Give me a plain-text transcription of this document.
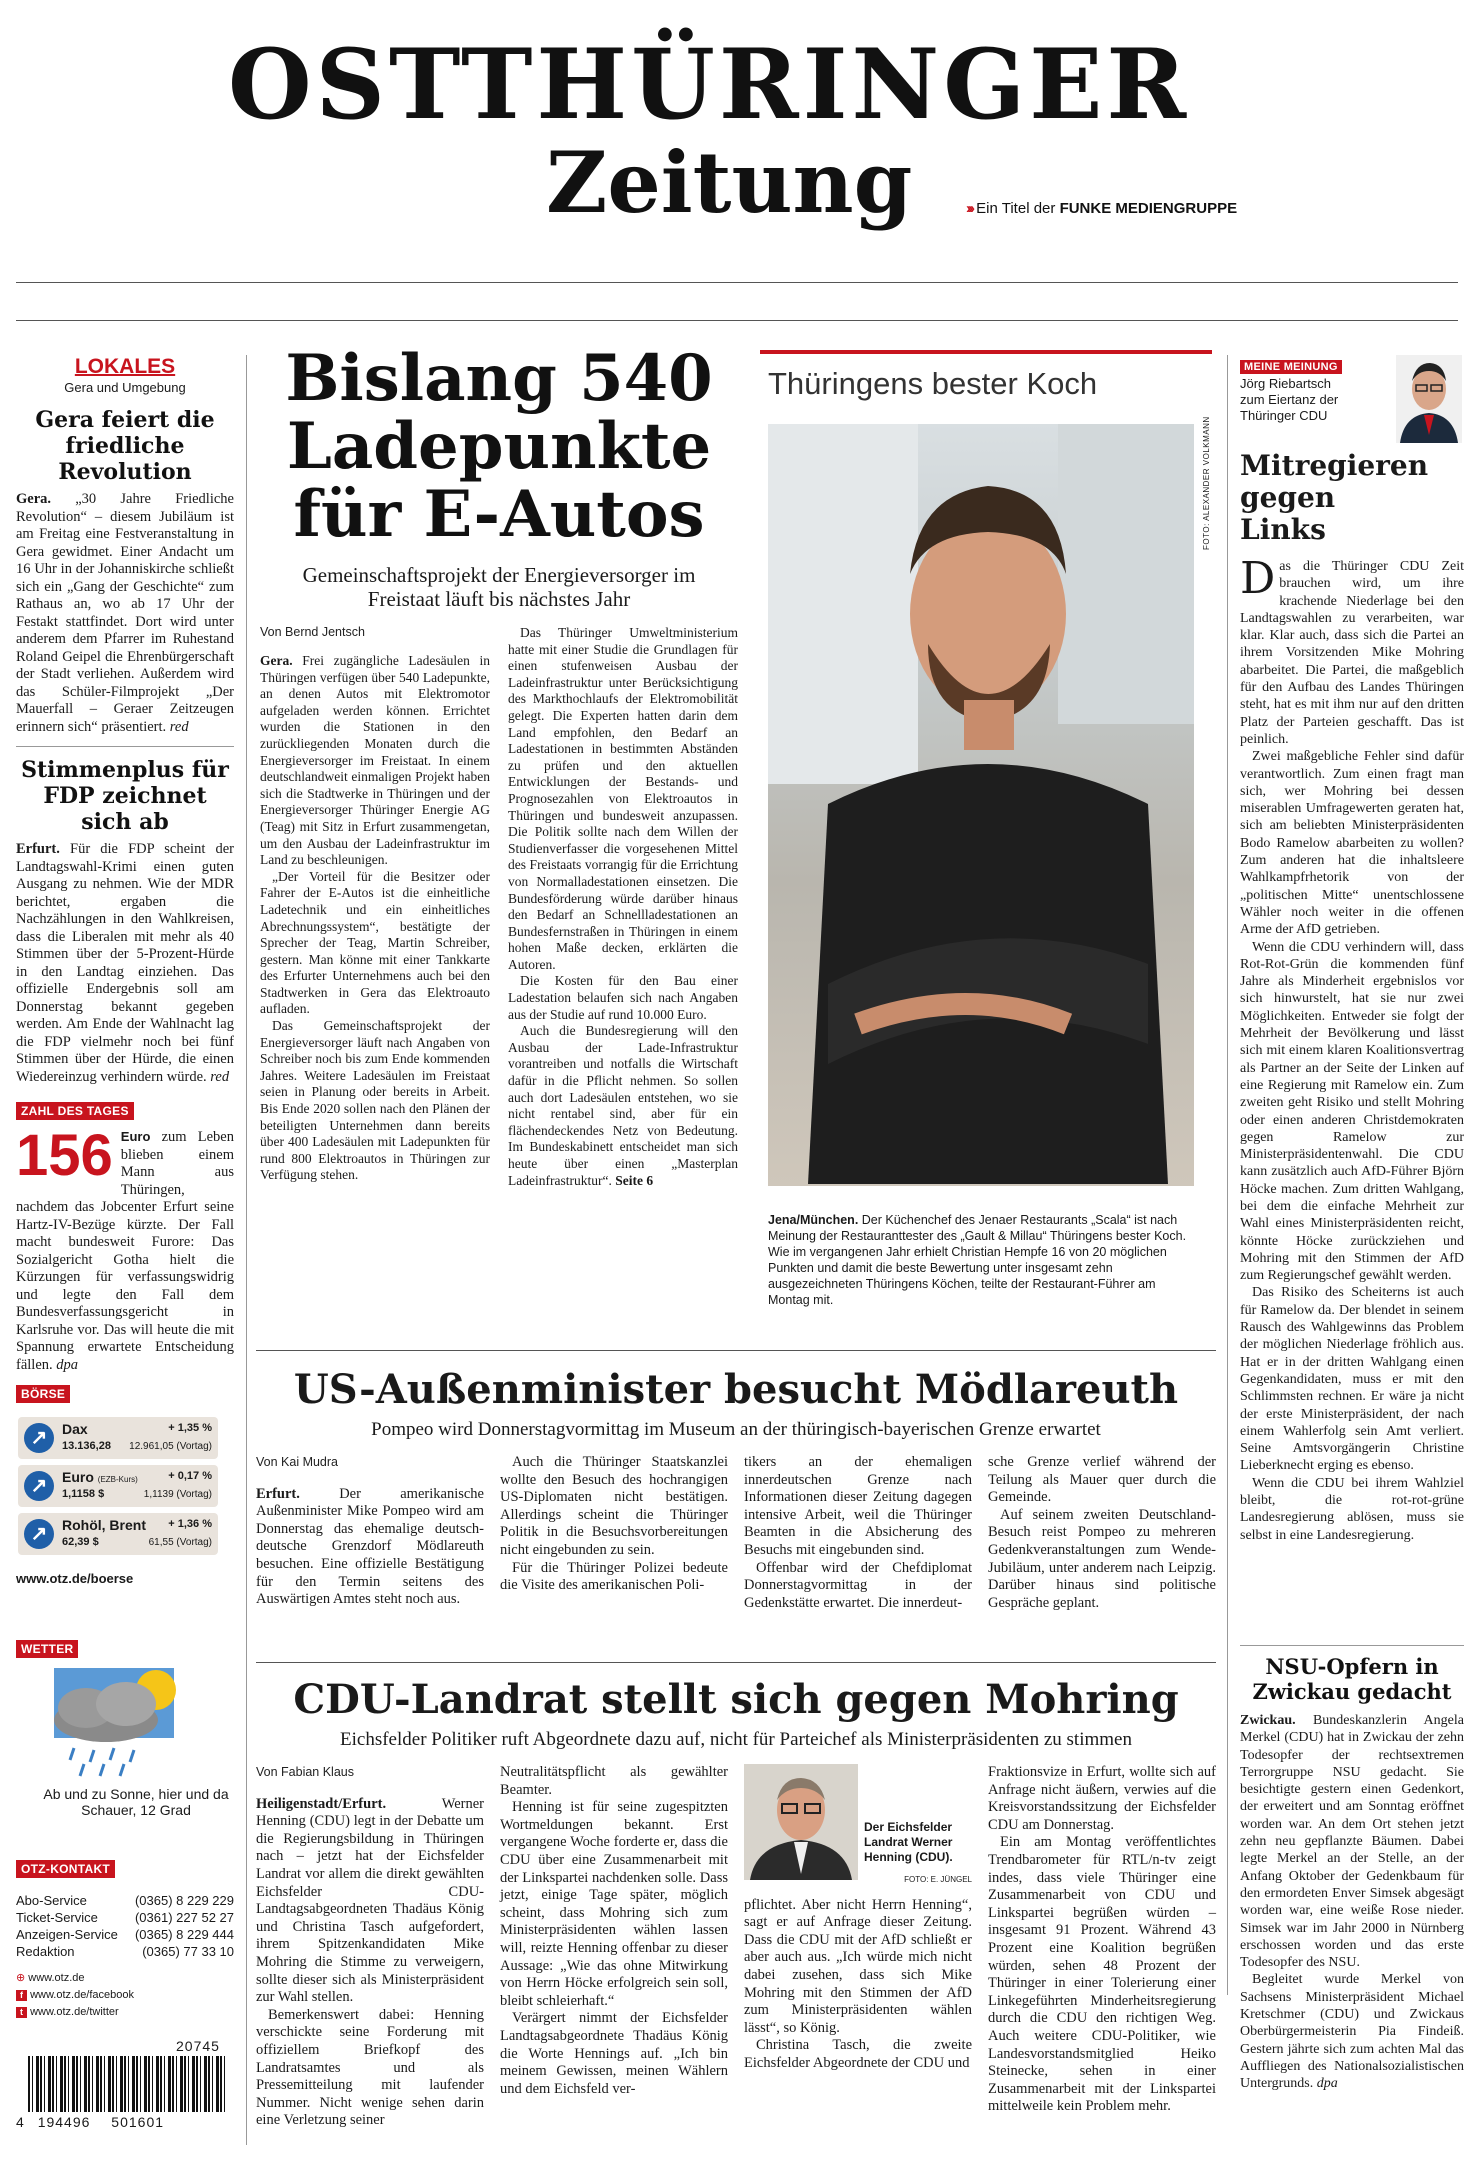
OSTTHÜRINGER
Zeitung	››› Ein Titel der FUNKE MEDIENGRUPPE
LOKALES
Gera und Umgebung
Gera feiert die friedliche Revolution
Gera. „30 Jahre Friedliche Revolution“ – diesem Jubiläum ist am Freitag eine Festveranstaltung in Gera gewidmet. Einer Andacht um 16 Uhr in der Johanniskirche schließt sich ein „Gang der Geschichte“ zum Rathaus an, wo ab 17 Uhr der Festakt stattfindet. Dort wird unter anderem dem Pfarrer im Ruhestand Roland Geipel die Ehrenbürgerschaft der Stadt verliehen. Außerdem wird das Schüler-Filmprojekt „Der Mauerfall – Geraer Zeitzeugen erinnern sich“ präsentiert. red
Stimmenplus für FDP zeichnet sich ab
Erfurt. Für die FDP scheint der Landtagswahl-Krimi einen guten Ausgang zu nehmen. Wie der MDR berichtet, ergaben die Nachzählungen in den Wahlkreisen, dass die Liberalen mit mehr als 40 Stimmen über der 5-Prozent-Hürde in den Landtag einziehen. Das offizielle Endergebnis soll am Donnerstag bekannt gegeben werden. Am Ende der Wahlnacht lag die FDP vielmehr noch bei fünf Stimmen über der Hürde, die einen Wiedereinzug verhindern würde. red
ZAHL DES TAGES
156 Euro zum Leben blieben einem Mann aus Thüringen, nachdem das Jobcenter Erfurt seine Hartz-IV-Bezüge kürzte. Der Fall macht bundesweit Furore: Das Sozialgericht Gotha hielt die Kürzungen für verfassungswidrig und legte den Fall dem Bundesverfassungsgericht in Karlsruhe vor. Das will heute die mit Spannung erwartete Entscheidung fällen. dpa
BÖRSE
↗	Dax	+ 1,35 %
13.136,28 12.961,05 (Vortag)
↗	Euro (EZB-Kurs)	+ 0,17 %
1,1158 $	1,1139 (Vortag)
↗	Rohöl, Brent + 1,36 %
62,39 $	61,55 (Vortag)
www.otz.de/boerse
WETTER
Ab und zu Sonne, hier und da Schauer, 12 Grad
OTZ-KONTAKT
Abo-Service	(0365) 8 229 229
Ticket-Service	(0361) 227 52 27
Anzeigen-Service (0365) 8 229 444
Redaktion	(0365) 77 33 10
⊕ www.otz.de
f www.otz.de/facebook
t www.otz.de/twitter
20745
4 194496 501601
Bislang 540
Ladepunkte
für E-Autos
Gemeinschaftsprojekt der Energieversorger im Freistaat läuft bis nächstes Jahr
Von Bernd Jentsch
Gera. Frei zugängliche Ladesäulen in Thüringen verfügen über 540 Ladepunkte, an denen Autos mit Elektromotor aufgeladen werden können. Errichtet wurden die Stationen in den zurückliegenden Monaten durch die Energieversorger im Freistaat. In einem deutschlandweit einmaligen Projekt haben sich die Stadtwerke in Thüringen und der Energieversorger Thüringer Energie AG (Teag) mit Sitz in Erfurt zusammengetan, um den Ausbau der Ladeinfrastruktur im Land zu beschleunigen.

„Der Vorteil für die Besitzer oder Fahrer der E-Autos ist die einheitliche Ladetechnik und ein einheitliches Abrechnungssystem“, bestätigte der Sprecher der Teag, Martin Schreiber, gestern. Man könne mit einer Tankkarte des Erfurter Unternehmens auch bei den Stadtwerken in Gera das Elektroauto aufladen.

Das Gemeinschaftsprojekt der Energieversorger läuft nach Angaben von Schreiber noch bis zum Ende kommenden Jahres. Weitere Ladesäulen im Freistaat seien in Planung oder bereits in Arbeit. Bis Ende 2020 sollen nach den Plänen der beteiligten Unternehmen dann bereits über 400 Ladesäulen mit Ladepunkten für rund 800 Elektroautos in Thüringen zur Verfügung stehen.

Das Thüringer Umweltministerium hatte mit einer Studie die Grundlagen für einen stufenweisen Ausbau der Ladeinfrastruktur unter Berücksichtigung des Markthochlaufs der Elektromobilität gelegt. Die Experten hatten darin dem Land empfohlen, den Bedarf an Ladestationen in bestimmten Abständen zu prüfen und den aktuellen Entwicklungen der Bestands- und Prognosezahlen von Elektroautos in Thüringen und bundesweit anzupassen. Die Politik sollte nach dem Willen der Studienverfasser die vorgesehenen Mittel des Freistaats vorrangig für die Errichtung von Normalladestationen einsetzen. Die Bundesförderung würde darüber hinaus den Bedarf an Schnellladestationen an Bundesfernstraßen in Thüringen in einem hohen Maße decken, erklärten die Autoren.

Die Kosten für den Bau einer Ladestation belaufen sich nach Angaben aus der Studie auf rund 10.000 Euro.

Auch die Bundesregierung will den Ausbau der Lade-Infrastruktur vorantreiben und notfalls die Wirtschaft dafür in die Pflicht nehmen. So sollen auch dort Ladesäulen entstehen, wo sie nicht rentabel sind, aber für ein flächendeckendes Netz von Bedeutung. Im Bundeskabinett entscheidet man sich heute über einen „Masterplan Ladeinfrastruktur“. Seite 6

Thüringens bester Koch
FOTO: ALEXANDER VOLKMANN
Jena/München. Der Küchenchef des Jenaer Restaurants „Scala“ ist nach Meinung der Restauranttester des „Gault & Millau“ Thüringens bester Koch. Wie im vergangenen Jahr erhielt Christian Hempfe 16 von 20 möglichen Punkten und damit die beste Bewertung unter insgesamt zehn ausgezeichneten Thüringens Köchen, teilte der Restaurant-Führer am Montag mit.
MEINE MEINUNG
Jörg Riebartsch
zum Eiertanz der Thüringer CDU
Mitregieren gegen Links
Das die Thüringer CDU Zeit brauchen wird, um ihre krachende Niederlage bei den Landtagswahlen zu verarbeiten, war klar. Klar auch, dass sich die Partei an ihrem Vorsitzenden Mike Mohring abarbeitet. Die Partei, die maßgeblich für den Aufbau des Landes Thüringen steht, hat es mit ihm nur auf den dritten Platz der Parteien geschafft. Das ist peinlich.

Zwei maßgebliche Fehler sind dafür verantwortlich. Zum einen fragt man sich, wer Mohring bei dessen miserablen Umfragewerten geraten hat, sich am beliebten Ministerpräsidenten Bodo Ramelow abarbeiten zu wollen? Zum anderen hat die inhaltsleere Wahlkampfrhetorik von der „politischen Mitte“ unentschlossene Wähler noch weiter in die offenen Arme der AfD getrieben.

Wenn die CDU verhindern will, dass Rot-Rot-Grün die kommenden fünf Jahre als Minderheit ergebnislos vor sich hinwurstelt, hat sie nur zwei Möglichkeiten. Entweder sie folgt der Mehrheit der Bevölkerung und lässt sich mit einem klaren Koalitionsvertrag als Partner an der Seite der Linken auf eine Regierung mit Ramelow ein. Zum zweiten geht Risiko und stellt Mohring oder einen anderen Christdemokraten gegen Ramelow zur Ministerpräsidentenwahl. Die CDU kann zusätzlich auch AfD-Führer Björn Höcke machen. Zum dritten Wahlgang, bei dem die einfache Mehrheit zur Wahl eines Ministerpräsidenten reicht, könnte Höcke zurückziehen und Mohring mit den Stimmen der AfD zum Regierungschef gewählt werden.

Das Risiko des Scheiterns ist auch für Ramelow da. Der blendet in seinem Rausch des Wahlgewinns das Problem der möglichen Niederlage fröhlich aus. Hat er in der dritten Wahlgang einen Gegenkandidaten, muss er mit den Schlimmsten rechnen. Er wäre ja nicht der erste Ministerpräsident, der nach einem Wahlerfolg sein Amt verliert. Seine Amtsvorgängerin Christine Lieberknecht erging es ebenso.

Wenn die CDU bei ihrem Wahlziel bleibt, die rot-rot-grüne Landesregierung ablösen, muss sie selbst in eine Landesregierung.

NSU-Opfern in Zwickau gedacht
Zwickau. Bundeskanzlerin Angela Merkel (CDU) hat in Zwickau der zehn Todesopfer der rechtsextremen Terrorgruppe NSU gedacht. Sie besichtigte gestern einen Gedenkort, der erweitert und am Sonntag eröffnet worden war. An dem Ort stehen jetzt zehn neu gepflanzte Bäumen. Dabei legte Merkel an der Stelle, an der Anfang Oktober der Gedenkbaum für den ermordeten Enver Simsek abgesägt worden war, eine weiße Rose nieder. Simsek war im Jahr 2000 in Nürnberg erschossen worden und das erste Todesopfer des NSU.

Begleitet wurde Merkel von Sachsens Ministerpräsident Michael Kretschmer (CDU) und Zwickaus Oberbürgermeisterin Pia Findeiß. Gestern jährte sich zum achten Mal das Auffliegen des Nationalsozialistischen Untergrunds. dpa

US-Außenminister besucht Mödlareuth
Pompeo wird Donnerstagvormittag im Museum an der thüringisch-bayerischen Grenze erwartet
Von Kai Mudra
Erfurt. Der amerikanische Außenminister Mike Pompeo wird am Donnerstag das ehemalige deutsch-deutsche Grenzdorf Mödlareuth besuchen. Eine offizielle Bestätigung für den Termin seitens des Auswärtigen Amtes steht noch aus.

Auch die Thüringer Staatskanzlei wollte den Besuch des hochrangigen US-Diplomaten nicht bestätigen. Allerdings scheint die Thüringer Politik in die Besuchsvorbereitungen nicht eingebunden zu sein.

Für die Thüringer Polizei bedeute die Visite des amerikanischen Poli-

tikers an der ehemaligen innerdeutschen Grenze nach Informationen dieser Zeitung dagegen intensive Arbeit, weil die Thüringer Beamten in die Absicherung des Besuchs mit eingebunden sind.

Offenbar wird der Chefdiplomat Donnerstagvormittag in der Gedenkstätte erwartet. Die innerdeut-

sche Grenze verlief während der Teilung als Mauer quer durch die Gemeinde.

Auf seinem zweiten Deutschland-Besuch reist Pompeo zu mehreren Gedenkveranstaltungen zum Wende-Jubiläum, unter anderem nach Leipzig. Darüber hinaus sind politische Gespräche geplant.

CDU-Landrat stellt sich gegen Mohring
Eichsfelder Politiker ruft Abgeordnete dazu auf, nicht für Parteichef als Ministerpräsidenten zu stimmen
Von Fabian Klaus
Heiligenstadt/Erfurt. Werner Henning (CDU) legt in der Debatte um die Regierungsbildung in Thüringen nach – jetzt hat der Eichsfelder Landrat vor allem die direkt gewählten Eichsfelder CDU-Landtagsabgeordneten Thadäus König und Christina Tasch aufgefordert, ihrem Spitzenkandidaten Mike Mohring die Stimme zu verweigern, sollte dieser sich als Ministerpräsident zur Wahl stellen.

Bemerkenswert dabei: Henning verschickte seine Forderung mit offiziellem Briefkopf des Landratsamtes und als Pressemitteilung mit laufender Nummer. Nicht wenige sehen darin eine Verletzung seiner

Neutralitätspflicht als gewählter Beamter.

Henning ist für seine zugespitzten Wortmeldungen bekannt. Erst vergangene Woche forderte er, dass die CDU über eine Zusammenarbeit mit der Linkspartei nachdenken solle. Dass jetzt, einige Tage später, möglich scheint, dass Mohring sich zum Ministerpräsidenten wählen lassen will, reizte Henning offenbar zu dieser Aussage: „Wie das ohne Mitwirkung von Herrn Höcke erfolgreich sein soll, bleibt schleierhaft.“

Verärgert nimmt der Eichsfelder Landtagsabgeordnete Thadäus König die Worte Hennings auf. „Ich bin meinem Gewissen, meinen Wählern und dem Eichsfeld ver-

Der Eichsfelder Landrat Werner Henning (CDU).
FOTO: E. JÜNGEL

pflichtet. Aber nicht Herrn Henning“, sagt er auf Anfrage dieser Zeitung. Dass die CDU mit der AfD schließt er aber auch aus. „Ich würde mich nicht dabei zusehen, dass sich Mike Mohring mit den Stimmen der AfD zum Ministerpräsidenten wählen lässt“, so König.

Christina Tasch, die zweite Eichsfelder Abgeordnete der CDU und

Fraktionsvize in Erfurt, wollte sich auf Anfrage nicht äußern, verwies auf die Kreisvorstandssitzung der Eichsfelder CDU am Donnerstag.

Ein am Montag veröffentlichtes Trendbarometer für RTL/n-tv zeigt indes, dass viele Thüringer eine Zusammenarbeit von CDU und Linkspartei begrüßen würden – insgesamt 91 Prozent. Während 43 Prozent eine Koalition begrüßen würden, sehen 48 Prozent der Thüringer in einer Tolerierung einer Linkegeführten Minderheitsregierung durch die CDU den richtigen Weg. Auch weitere CDU-Politiker, wie Landesvorstandsmitglied Heiko Steinecke, sehen in einer Zusammenarbeit mit der Linkspartei mittelweile kein Problem mehr.
